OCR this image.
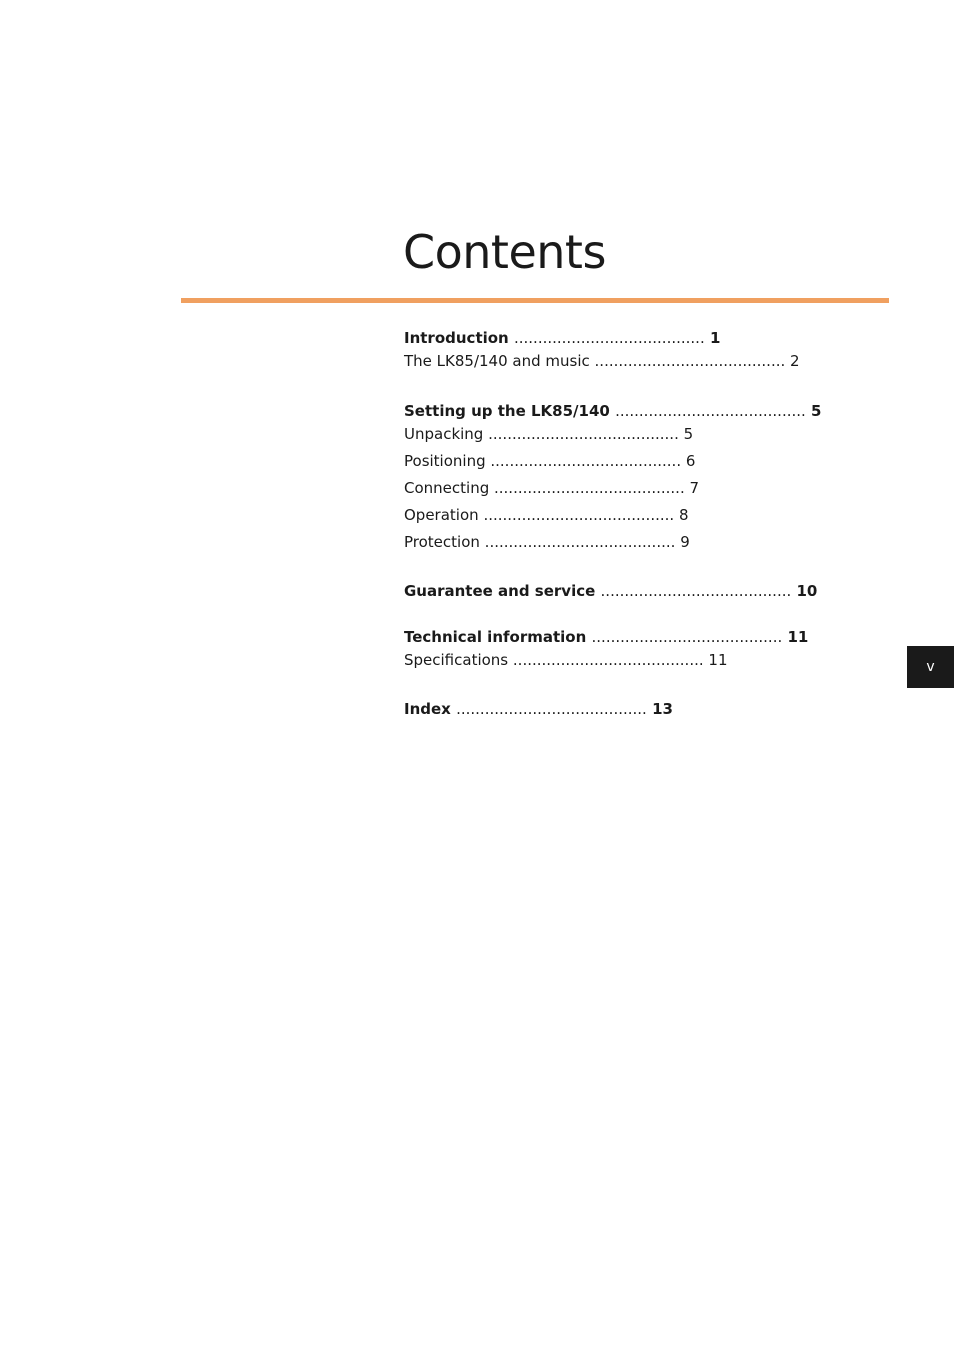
Contents
Introduction ........................................ 1
The LK85/140 and music ........................................ 2
Setting up the LK85/140 ........................................ 5
Unpacking ........................................ 5
Positioning ........................................ 6
Connecting ........................................ 7
Operation ........................................ 8
Protection ........................................ 9
Guarantee and service ........................................ 10
Technical information ........................................ 11
Specifications ........................................ 11
Index ........................................ 13
v
